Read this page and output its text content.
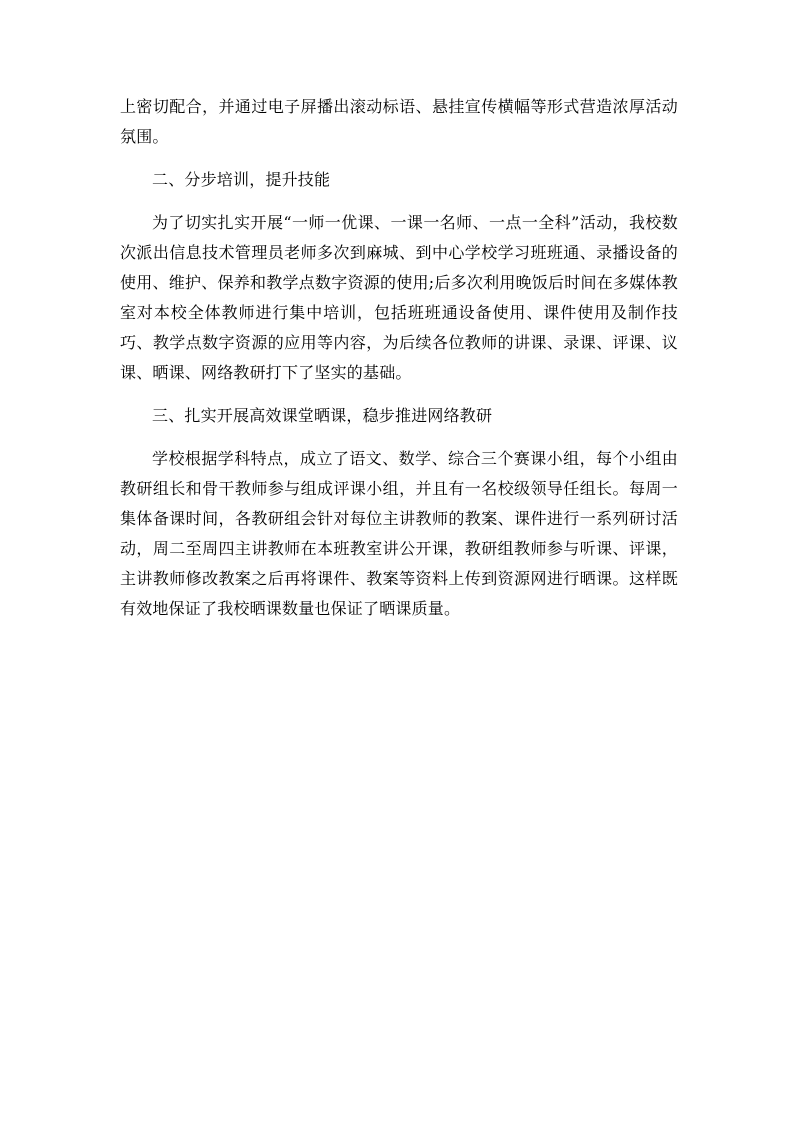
上密切配合，并通过电子屏播出滚动标语、悬挂宣传横幅等形式营造浓厚活动氛围。

二、分步培训，提升技能

为了切实扎实开展“一师一优课、一课一名师、一点一全科”活动，我校数次派出信息技术管理员老师多次到麻城、到中心学校学习班班通、录播设备的使用、维护、保养和教学点数字资源的使用;后多次利用晚饭后时间在多媒体教室对本校全体教师进行集中培训，包括班班通设备使用、课件使用及制作技巧、教学点数字资源的应用等内容，为后续各位教师的讲课、录课、评课、议课、晒课、网络教研打下了坚实的基础。

三、扎实开展高效课堂晒课，稳步推进网络教研

学校根据学科特点，成立了语文、数学、综合三个赛课小组，每个小组由教研组长和骨干教师参与组成评课小组，并且有一名校级领导任组长。每周一集体备课时间，各教研组会针对每位主讲教师的教案、课件进行一系列研讨活动，周二至周四主讲教师在本班教室讲公开课，教研组教师参与听课、评课，主讲教师修改教案之后再将课件、教案等资料上传到资源网进行晒课。这样既有效地保证了我校晒课数量也保证了晒课质量。
